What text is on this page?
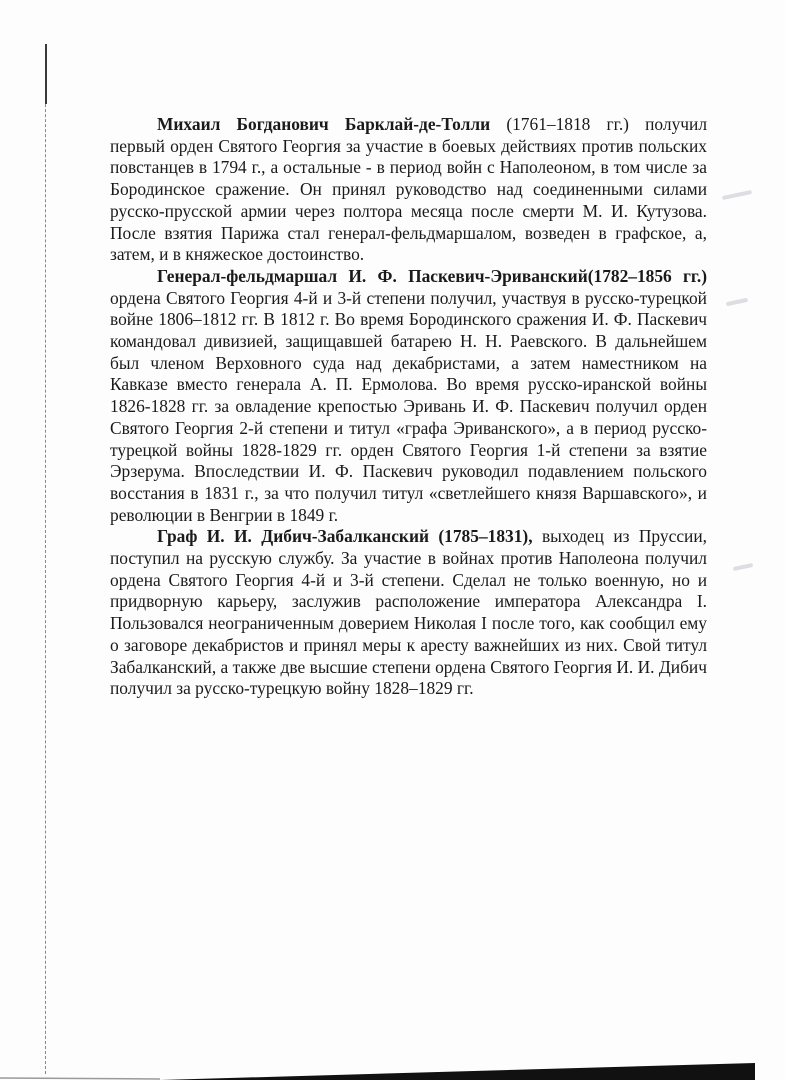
Михаил Богданович Барклай-де-Толли (1761–1818 гг.) получил первый орден Святого Георгия за участие в боевых действиях против польских повстанцев в 1794 г., а остальные - в период войн с Наполеоном, в том числе за Бородинское сражение. Он принял руководство над соединенными силами русско-прусской армии через полтора месяца после смерти М. И. Кутузова. После взятия Парижа стал генерал-фельдмаршалом, возведен в графское, а, затем, и в княжеское достоинство.

Генерал-фельдмаршал И. Ф. Паскевич-Эриванский(1782–1856 гг.) ордена Святого Георгия 4-й и 3-й степени получил, участвуя в русско-турецкой войне 1806–1812 гг. В 1812 г. Во время Бородинского сражения И. Ф. Паскевич командовал дивизией, защищавшей батарею Н. Н. Раевского. В дальнейшем был членом Верховного суда над декабристами, а затем наместником на Кавказе вместо генерала А. П. Ермолова. Во время русско-иранской войны 1826-1828 гг. за овладение крепостью Эривань И. Ф. Паскевич получил орден Святого Георгия 2-й степени и титул «графа Эриванского», а в период русско-турецкой войны 1828-1829 гг. орден Святого Георгия 1-й степени за взятие Эрзерума. Впоследствии И. Ф. Паскевич руководил подавлением польского восстания в 1831 г., за что получил титул «светлейшего князя Варшавского», и революции в Венгрии в 1849 г.

Граф И. И. Дибич-Забалканский (1785–1831), выходец из Пруссии, поступил на русскую службу. За участие в войнах против Наполеона получил ордена Святого Георгия 4-й и 3-й степени. Сделал не только военную, но и придворную карьеру, заслужив расположение императора Александра I. Пользовался неограниченным доверием Николая I после того, как сообщил ему о заговоре декабристов и принял меры к аресту важнейших из них. Свой титул Забалканский, а также две высшие степени ордена Святого Георгия И. И. Дибич получил за русско-турецкую войну 1828–1829 гг.
